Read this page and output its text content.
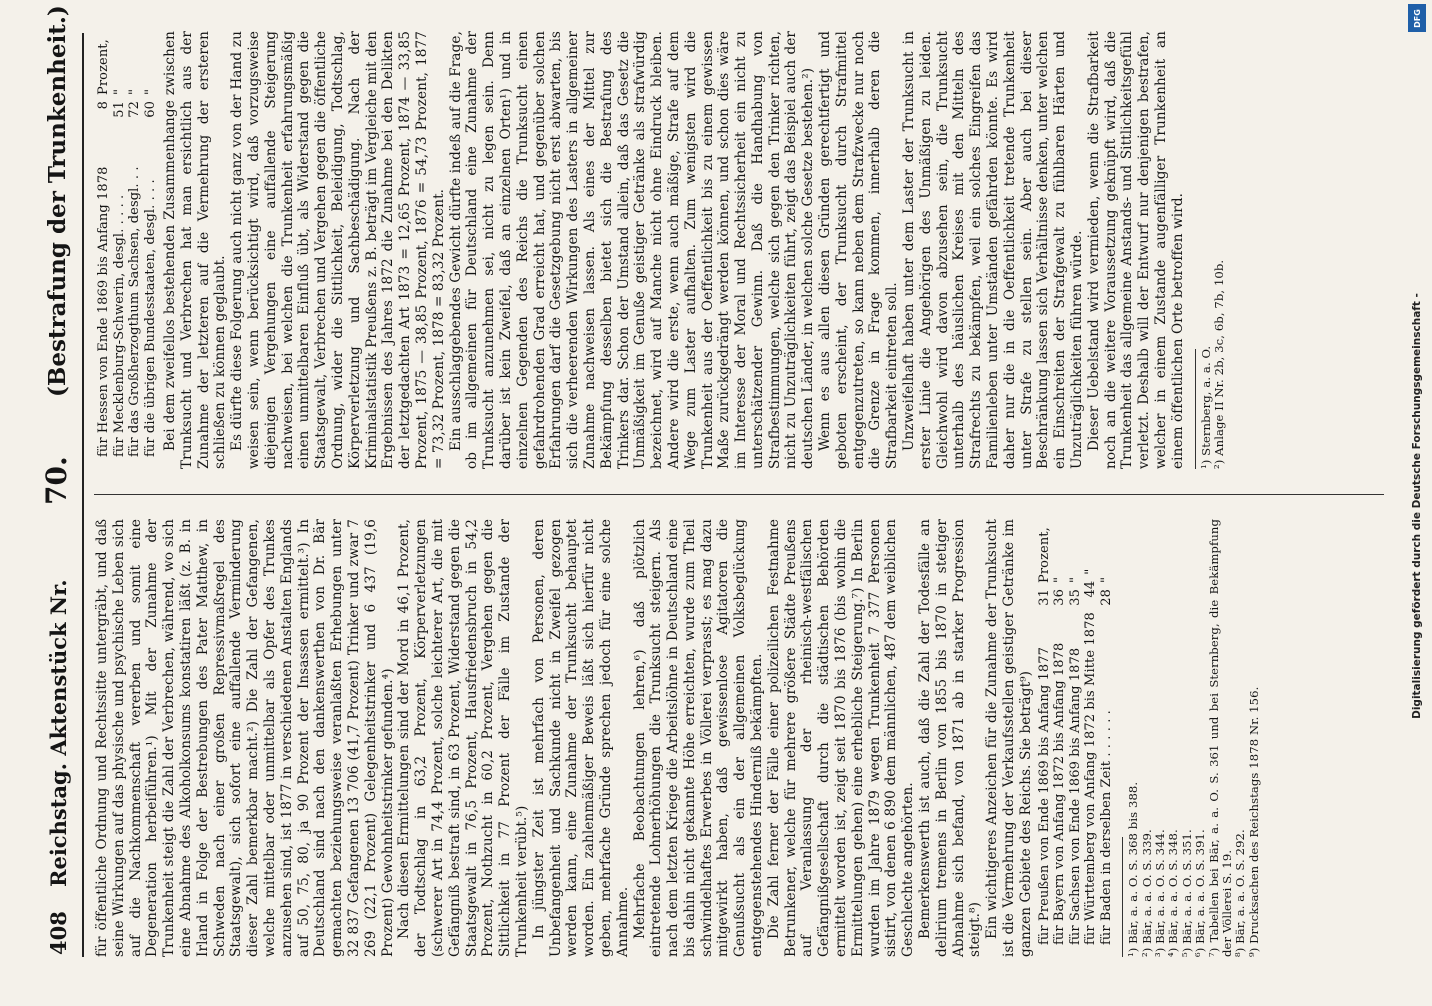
408
Reichstag. Aktenstück Nr.
70.
(Bestrafung der Trunkenheit.)

für öffentliche Ordnung und Rechtssitte untergräbt, und daß seine Wirkungen auf das physische und psychische Leben sich auf die Nachkommenschaft vererben und somit eine Degeneration herbeiführen.¹) Mit der Zunahme der Trunkenheit steigt die Zahl der Verbrechen, während, wo sich eine Abnahme des Alkoholkonsums konstatiren läßt (z. B. in Irland in Folge der Bestrebungen des Pater Matthew, in Schweden nach einer großen Repressivmaßregel des Staatsgewalt), sich sofort eine auffallende Verminderung dieser Zahl bemerkbar macht.²) Die Zahl der Gefangenen, welche mittelbar oder unmittelbar als Opfer des Trunkes anzusehen sind, ist 1877 in verschiedenen Anstalten Englands auf 50, 75, 80, ja 90 Prozent der Insassen ermittelt.³) In Deutschland sind nach den dankenswerthen von Dr. Bär gemachten beziehungsweise veranlaßten Erhebungen unter 32 837 Gefangenen 13 706 (41,7 Prozent) Trinker und zwar 7 269 (22,1 Prozent) Gelegenheitstrinker und 6 437 (19,6 Prozent) Gewohnheitstrinker gefunden.⁴) Nach diesen Ermittelungen sind der Mord in 46,1 Prozent, der Todtschlag in 63,2 Prozent, Körperverletzungen (schwerer Art in 74,4 Prozent, solche leichterer Art, die mit Gefängniß bestraft sind, in 63 Prozent, Widerstand gegen die Staatsgewalt in 76,5 Prozent, Hausfriedensbruch in 54,2 Prozent, Nothzucht in 60,2 Prozent, Vergehen gegen die Sittlichkeit in 77 Prozent der Fälle im Zustande der Trunkenheit verübt.⁵) In jüngster Zeit ist mehrfach von Personen, deren Unbefangenheit und Sachkunde nicht in Zweifel gezogen werden kann, eine Zunahme der Trunksucht behauptet worden. Ein zahlenmäßiger Beweis läßt sich hierfür nicht geben, mehrfache Gründe sprechen jedoch für eine solche Annahme. Mehrfache Beobachtungen lehren,⁶) daß plötzlich eintretende Lohnerhöhungen die Trunksucht steigern. Als nach dem letzten Kriege die Arbeitslöhne in Deutschland eine bis dahin nicht gekannte Höhe erreichten, wurde zum Theil schwindelhaftes Erwerbes in Völlerei verprasst; es mag dazu mitgewirkt haben, daß gewissenlose Agitatoren die Genußsucht als ein der allgemeinen Volksbeglückung entgegenstehendes Hinderniß bekämpften. Die Zahl ferner der Fälle einer polizeilichen Festnahme Betrunkener, welche für mehrere größere Städte Preußens auf Veranlassung der rheinisch-westfälischen Gefängnißgesellschaft durch die städtischen Behörden ermittelt worden ist, zeigt seit 1870 bis 1876 (bis wohin die Ermittelungen gehen) eine erhebliche Steigerung.⁷) In Berlin wurden im Jahre 1879 wegen Trunkenheit 7 377 Personen sistirt, von denen 6 890 dem männlichen, 487 dem weiblichen Geschlechte angehörten. Bemerkenswerth ist auch, daß die Zahl der Todesfälle an delirium tremens in Berlin von 1855 bis 1870 in stetiger Abnahme sich befand, von 1871 ab in starker Progression steigt.⁸) Ein wichtigeres Anzeichen für die Zunahme der Trunksucht ist die Vermehrung der Verkaufsstellen geistiger Getränke im ganzen Gebiete des Reichs. Sie beträgt⁹) für Preußen von Ende 1869 bis Anfang 1877
31
Prozent,
für Bayern von Anfang 1872 bis Anfang 1878
36
"
für Sachsen von Ende 1869 bis Anfang 1878
35
"
für Württemberg von Anfang 1872 bis Mitte 1878
44
"
für Baden in derselben Zeit . . . . . .
28
"

¹) Bär, a. a. O. S. 368 bis 388. ²) Bär, a. a. O. S. 339. ³) Bär, a. a. O. S. 344. ⁴) Bär, a. a. O. S. 348. ⁵) Bär, a. a. O. S. 351. ⁶) Bär, a. a. O. S. 391. ⁷) Tabellen bei Bär, a. a. O. S. 361 und bei Sternberg, die Bekämpfung der Völlerei S. 19. ⁸) Bär, a. a. O. S. 292. ⁹) Drucksachen des Reichstags 1878 Nr. 156.

für Hessen von Ende 1869 bis Anfang 1878
8
Prozent,
für Mecklenburg-Schwerin, desgl. . . . .
51
"
für das Großherzogthum Sachsen, desgl. . .
72
"
für die übrigen Bundesstaaten, desgl. . . .
60
" Bei dem zweifellos bestehenden Zusammenhange zwischen Trunksucht und Verbrechen hat man ersichtlich aus der Zunahme der letzteren auf die Vermehrung der ersteren schließen zu können geglaubt. Es dürfte diese Folgerung auch nicht ganz von der Hand zu weisen sein, wenn berücksichtigt wird, daß vorzugsweise diejenigen Vergehungen eine auffallende Steigerung nachweisen, bei welchen die Trunkenheit erfahrungsmäßig einen unmittelbaren Einfluß übt, als Widerstand gegen die Staatsgewalt, Verbrechen und Vergehen gegen die öffentliche Ordnung, wider die Sittlichkeit, Beleidigung, Todtschlag, Körperverletzung und Sachbeschädigung. Nach der Kriminalstatistik Preußens z. B. beträgt im Vergleiche mit den Ergebnissen des Jahres 1872 die Zunahme bei den Delikten der letztgedachten Art 1873 = 12,65 Prozent, 1874 — 33,85 Prozent, 1875 — 38,85 Prozent, 1876 = 54,73 Prozent, 1877 = 73,32 Prozent, 1878 = 83,32 Prozent. Ein ausschlaggebendes Gewicht dürfte indeß auf die Frage, ob im allgemeinen für Deutschland eine Zunahme der Trunksucht anzunehmen sei, nicht zu legen sein. Denn darüber ist kein Zweifel, daß an einzelnen Orten¹) und in einzelnen Gegenden des Reichs die Trunksucht einen gefahrdrohenden Grad erreicht hat, und gegenüber solchen Erfahrungen darf die Gesetzgebung nicht erst abwarten, bis sich die verheerenden Wirkungen des Lasters in allgemeiner Zunahme nachweisen lassen. Als eines der Mittel zur Bekämpfung desselben bietet sich die Bestrafung des Trinkers dar. Schon der Umstand allein, daß das Gesetz die Unmäßigkeit im Genuße geistiger Getränke als strafwürdig bezeichnet, wird auf Manche nicht ohne Eindruck bleiben. Andere wird die erste, wenn auch mäßige, Strafe auf dem Wege zum Laster aufhalten. Zum wenigsten wird die Trunkenheit aus der Oeffentlichkeit bis zu einem gewissen Maße zurückgedrängt werden können, und schon dies wäre im Interesse der Moral und Rechtssicherheit ein nicht zu unterschätzender Gewinn. Daß die Handhabung von Strafbestimmungen, welche sich gegen den Trinker richten, nicht zu Unzuträglichkeiten führt, zeigt das Beispiel auch der deutschen Länder, in welchen solche Gesetze bestehen.²) Wenn es aus allen diesen Gründen gerechtfertigt und geboten erscheint, der Trunksucht durch Strafmittel entgegenzutreten, so kann neben dem Strafzwecke nur noch die Grenze in Frage kommen, innerhalb deren die Strafbarkeit eintreten soll. Unzweifelhaft haben unter dem Laster der Trunksucht in erster Linie die Angehörigen des Unmäßigen zu leiden. Gleichwohl wird davon abzusehen sein, die Trunksucht unterhalb des häuslichen Kreises mit den Mitteln des Strafrechts zu bekämpfen, weil ein solches Eingreifen das Familienleben unter Umständen gefährden könnte. Es wird daher nur die in die Oeffentlichkeit tretende Trunkenheit unter Strafe zu stellen sein. Aber auch bei dieser Beschränkung lassen sich Verhältnisse denken, unter welchen ein Einschreiten der Strafgewalt zu fühlbaren Härten und Unzuträglichkeiten führen würde. Dieser Uebelstand wird vermieden, wenn die Strafbarkeit noch an die weitere Voraussetzung geknüpft wird, daß die Trunkenheit das allgemeine Anstands- und Sittlichkeitsgefühl verletzt. Deshalb will der Entwurf nur denjenigen bestrafen, welcher in einem Zustande augenfälliger Trunkenheit an einem öffentlichen Orte betroffen wird. ¹) Sternberg, a. a. O. ²) Anlage II Nr. 2b, 3c, 6b, 7b, 10b.

DFG
Digitalisierung gefördert durch die Deutsche Forschungsgemeinschaft -
